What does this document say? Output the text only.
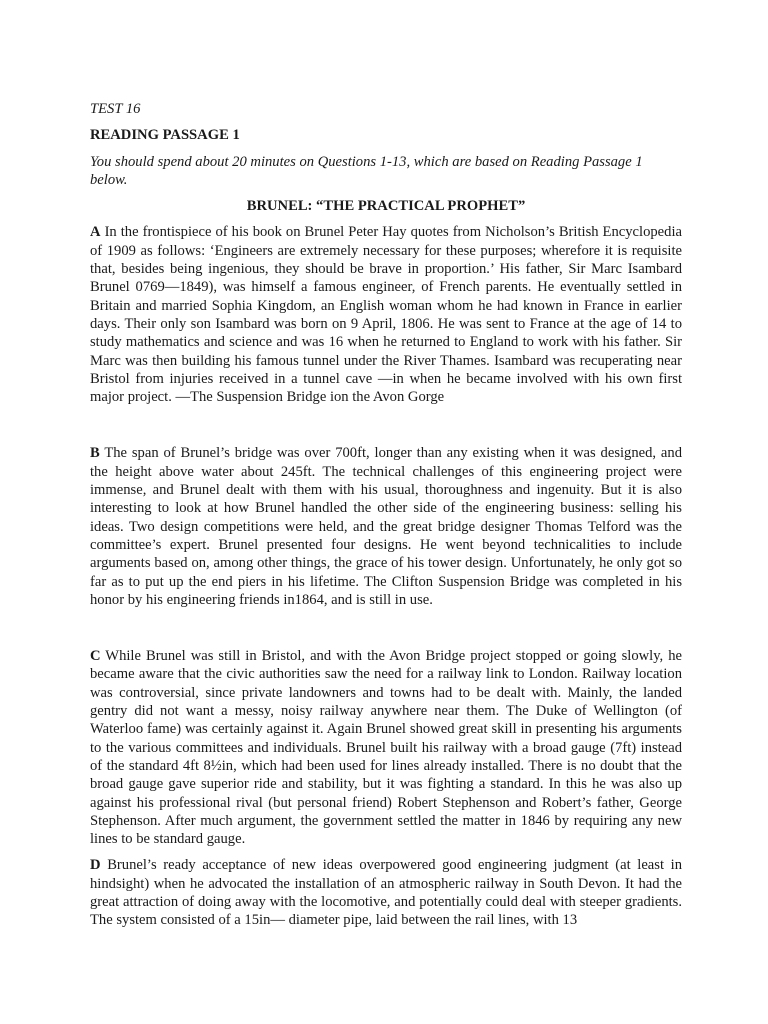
TEST 16

READING PASSAGE 1

You should spend about 20 minutes on Questions 1-13, which are based on Reading Passage 1 below.

BRUNEL: “THE PRACTICAL PROPHET”

A In the frontispiece of his book on Brunel Peter Hay quotes from Nicholson’s British Encyclopedia of 1909 as follows: ‘Engineers are extremely necessary for these purposes; wherefore it is requisite that, besides being ingenious, they should be brave in proportion.’ His father, Sir Marc Isambard Brunel 0769—1849), was himself a famous engineer, of French parents. He eventually settled in Britain and married Sophia Kingdom, an English woman whom he had known in France in earlier days. Their only son Isambard was born on 9 April, 1806. He was sent to France at the age of 14 to study mathematics and science and was 16 when he returned to England to work with his father. Sir Marc was then building his famous tunnel under the River Thames. Isambard was recuperating near Bristol from injuries received in a tunnel cave —in when he became involved with his own first major project. —The Suspension Bridge ion the Avon Gorge

B The span of Brunel’s bridge was over 700ft, longer than any existing when it was designed, and the height above water about 245ft. The technical challenges of this engineering project were immense, and Brunel dealt with them with his usual, thoroughness and ingenuity. But it is also interesting to look at how Brunel handled the other side of the engineering business: selling his ideas. Two design competitions were held, and the great bridge designer Thomas Telford was the committee’s expert. Brunel presented four designs. He went beyond technicalities to include arguments based on, among other things, the grace of his tower design. Unfortunately, he only got so far as to put up the end piers in his lifetime. The Clifton Suspension Bridge was completed in his honor by his engineering friends in1864, and is still in use.

C While Brunel was still in Bristol, and with the Avon Bridge project stopped or going slowly, he became aware that the civic authorities saw the need for a railway link to London. Railway location was controversial, since private landowners and towns had to be dealt with. Mainly, the landed gentry did not want a messy, noisy railway anywhere near them. The Duke of Wellington (of Waterloo fame) was certainly against it. Again Brunel showed great skill in presenting his arguments to the various committees and individuals. Brunel built his railway with a broad gauge (7ft) instead of the standard 4ft 8½in, which had been used for lines already installed. There is no doubt that the broad gauge gave superior ride and stability, but it was fighting a standard. In this he was also up against his professional rival (but personal friend) Robert Stephenson and Robert’s father, George Stephenson. After much argument, the government settled the matter in 1846 by requiring any new lines to be standard gauge.

D Brunel’s ready acceptance of new ideas overpowered good engineering judgment (at least in hindsight) when he advocated the installation of an atmospheric railway in South Devon. It had the great attraction of doing away with the locomotive, and potentially could deal with steeper gradients. The system consisted of a 15in— diameter pipe, laid between the rail lines, with 13
